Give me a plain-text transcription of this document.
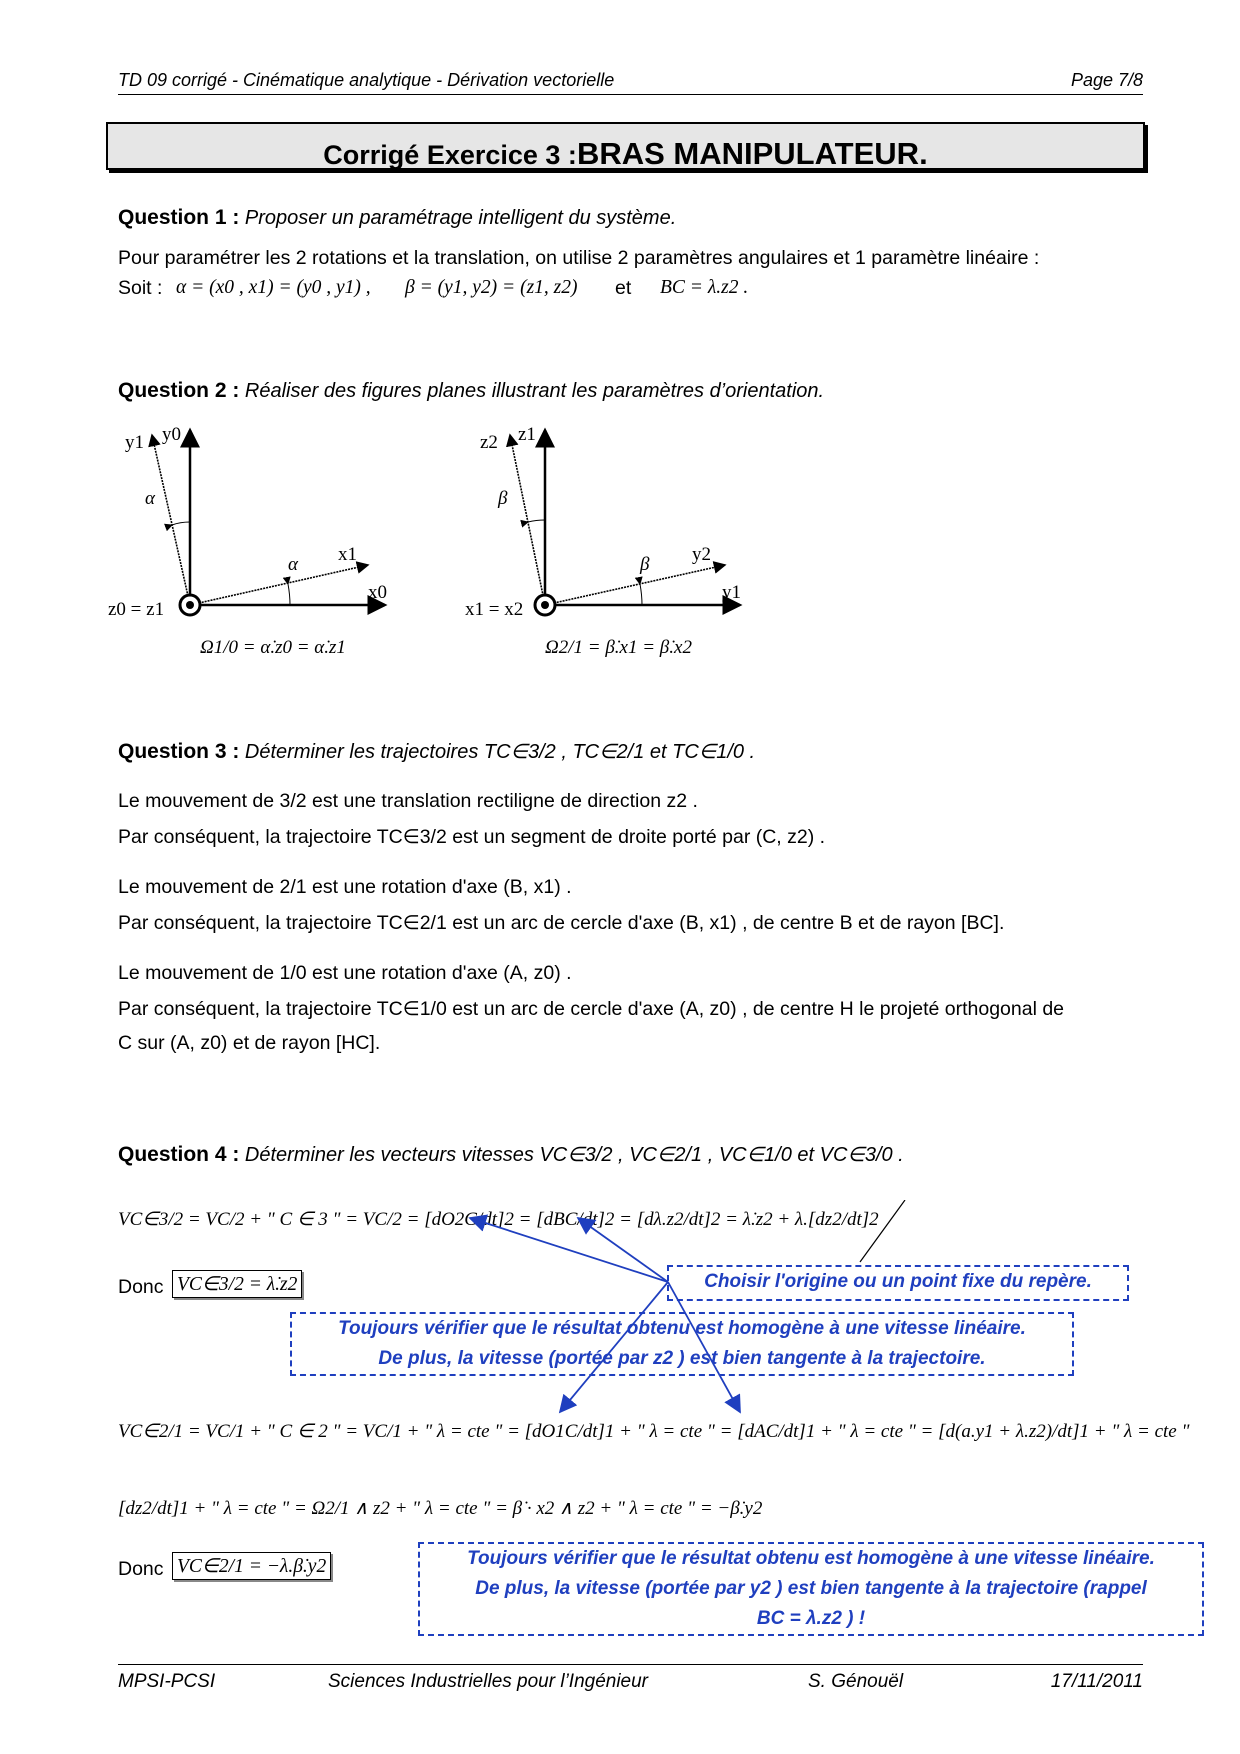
TD 09 corrigé - Cinématique analytique - Dérivation vectorielle	Page 7/8
Corrigé Exercice 3 :BRAS MANIPULATEUR.
Question 1 : Proposer un paramétrage intelligent du système.
Pour paramétrer les 2 rotations et la translation, on utilise 2 paramètres angulaires et 1 paramètre linéaire :
Soit : α = (x0 , x1) = (y0 , y1) , β = (y1, y2) = (z1, z2) et BC = λ.z2 .
Question 2 : Réaliser des figures planes illustrant les paramètres d’orientation.
y1 y0
α
α x1
x0
z0 = z1
Ω1/0 = α̇.z0 = α̇.z1
z2 z1
β
β y2
y1
x1 = x2
Ω2/1 = β̇.x1 = β̇.x2
Question 3 : Déterminer les trajectoires TC∈3/2 , TC∈2/1 et TC∈1/0 .
Le mouvement de 3/2 est une translation rectiligne de direction z2 .
Par conséquent, la trajectoire TC∈3/2 est un segment de droite porté par (C, z2) .
Le mouvement de 2/1 est une rotation d'axe (B, x1) .
Par conséquent, la trajectoire TC∈2/1 est un arc de cercle d'axe (B, x1) , de centre B et de rayon [BC].
Le mouvement de 1/0 est une rotation d'axe (A, z0) .
Par conséquent, la trajectoire TC∈1/0 est un arc de cercle d'axe (A, z0) , de centre H le projeté orthogonal de
C sur (A, z0) et de rayon [HC].
Question 4 : Déterminer les vecteurs vitesses VC∈3/2 , VC∈2/1 , VC∈1/0 et VC∈3/0 .
VC∈3/2 = VC/2 + " C ∈ 3 " = VC/2 = [dO2C/dt]2 = [dBC/dt]2 = [dλ.z2/dt]2 = λ̇.z2 + λ.[dz2/dt]2
Donc VC∈3/2 = λ̇.z2	Choisir l'origine ou un point fixe du repère.
Toujours vérifier que le résultat obtenu est homogène à une vitesse linéaire.
De plus, la vitesse (portée par z2 ) est bien tangente à la trajectoire.
VC∈2/1 = VC/1 + " C ∈ 2 " = VC/1 + " λ = cte " = [dO1C/dt]1 + " λ = cte " = [dAC/dt]1 + " λ = cte " = [d(a.y1 + λ.z2)/dt]1 + " λ = cte "
[dz2/dt]1 + " λ = cte " = Ω2/1 ∧ z2 + " λ = cte " = β̇ · x2 ∧ z2 + " λ = cte " = −β̇.y2
Donc VC∈2/1 = −λ.β̇.y2	Toujours vérifier que le résultat obtenu est homogène à une vitesse linéaire.
De plus, la vitesse (portée par y2 ) est bien tangente à la trajectoire (rappel
BC = λ.z2 ) !
MPSI-PCSI	Sciences Industrielles pour l’Ingénieur	S. Génouël	17/11/2011
